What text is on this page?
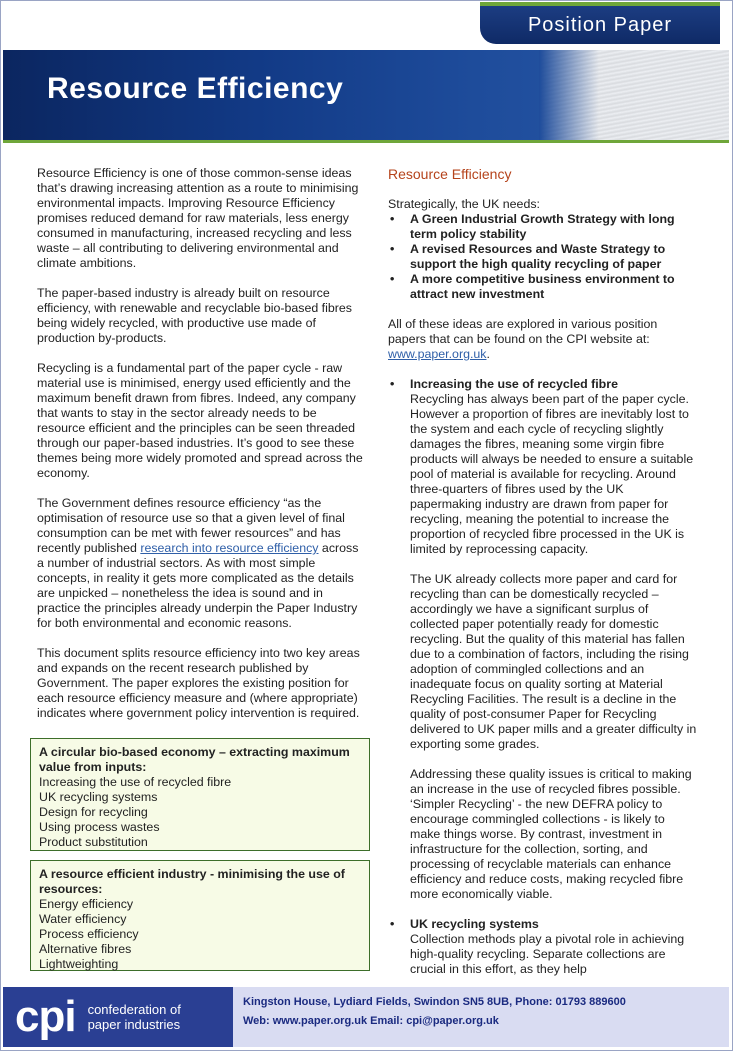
Position Paper
Resource Efficiency

Resource Efficiency is one of those common-sense ideas that’s drawing increasing attention as a route to minimising environmental impacts. Improving Resource Efficiency promises reduced demand for raw materials, less energy consumed in manufacturing, increased recycling and less waste – all contributing to delivering environmental and climate ambitions.

The paper-based industry is already built on resource efficiency, with renewable and recyclable bio-based fibres being widely recycled, with productive use made of production by-products.

Recycling is a fundamental part of the paper cycle - raw material use is minimised, energy used efficiently and the maximum benefit drawn from fibres. Indeed, any company that wants to stay in the sector already needs to be resource efficient and the principles can be seen threaded through our paper-based industries. It’s good to see these themes being more widely promoted and spread across the economy.

The Government defines resource efficiency “as the optimisation of resource use so that a given level of final consumption can be met with fewer resources” and has recently published research into resource efficiency across a number of industrial sectors. As with most simple concepts, in reality it gets more complicated as the details are unpicked – nonetheless the idea is sound and in practice the principles already underpin the Paper Industry for both environmental and economic reasons.

This document splits resource efficiency into two key areas and expands on the recent research published by Government. The paper explores the existing position for each resource efficiency measure and (where appropriate) indicates where government policy intervention is required.

A circular bio-based economy – extracting maximum value from inputs:
Increasing the use of recycled fibre
UK recycling systems
Design for recycling
Using process wastes
Product substitution
A resource efficient industry - minimising the use of resources:
Energy efficiency
Water efficiency
Process efficiency
Alternative fibres
Lightweighting
Resource Efficiency
Strategically, the UK needs:
• A Green Industrial Growth Strategy with long term policy stability
• A revised Resources and Waste Strategy to support the high quality recycling of paper
• A more competitive business environment to attract new investment

All of these ideas are explored in various position papers that can be found on the CPI website at: www.paper.org.uk.

• Increasing the use of recycled fibre

Recycling has always been part of the paper cycle. However a proportion of fibres are inevitably lost to the system and each cycle of recycling slightly damages the fibres, meaning some virgin fibre products will always be needed to ensure a suitable pool of material is available for recycling. Around three-quarters of fibres used by the UK papermaking industry are drawn from paper for recycling, meaning the potential to increase the proportion of recycled fibre processed in the UK is limited by reprocessing capacity.

The UK already collects more paper and card for recycling than can be domestically recycled – accordingly we have a significant surplus of collected paper potentially ready for domestic recycling. But the quality of this material has fallen due to a combination of factors, including the rising adoption of commingled collections and an inadequate focus on quality sorting at Material Recycling Facilities. The result is a decline in the quality of post-consumer Paper for Recycling delivered to UK paper mills and a greater difficulty in exporting some grades.

Addressing these quality issues is critical to making an increase in the use of recycled fibres possible. ‘Simpler Recycling’ - the new DEFRA policy to encourage commingled collections - is likely to make things worse. By contrast, investment in infrastructure for the collection, sorting, and processing of recyclable materials can enhance efficiency and reduce costs, making recycled fibre more economically viable.

• UK recycling systems
Collection methods play a pivotal role in achieving high-quality recycling. Separate collections are crucial in this effort, as they help
cpi confederation of
paper industries
Kingston House, Lydiard Fields, Swindon SN5 8UB, Phone: 01793 889600
Web: www.paper.org.uk Email: cpi@paper.org.uk
